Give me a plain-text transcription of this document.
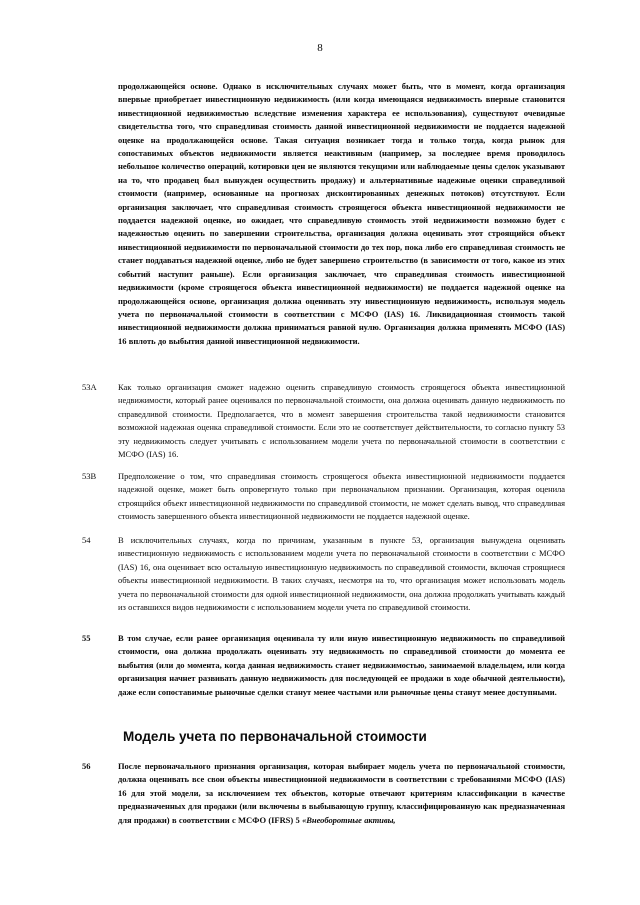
8

продолжающейся основе. Однако в исключительных случаях может быть, что в момент, когда организация впервые приобретает инвестиционную недвижимость (или когда имеющаяся недвижимость впервые становится инвестиционной недвижимостью вследствие изменения характера ее использования), существуют очевидные свидетельства того, что справедливая стоимость данной инвестиционной недвижимости не поддается надежной оценке на продолжающейся основе. Такая ситуация возникает тогда и только тогда, когда рынок для сопоставимых объектов недвижимости является неактивным (например, за последнее время проводилось небольшое количество операций, котировки цен не являются текущими или наблюдаемые цены сделок указывают на то, что продавец был вынужден осуществить продажу) и альтернативные надежные оценки справедливой стоимости (например, основанные на прогнозах дисконтированных денежных потоков) отсутствуют. Если организация заключает, что справедливая стоимость строящегося объекта инвестиционной недвижимости не поддается надежной оценке, но ожидает, что справедливую стоимость этой недвижимости возможно будет с надежностью оценить по завершении строительства, организация должна оценивать этот строящийся объект инвестиционной недвижимости по первоначальной стоимости до тех пор, пока либо его справедливая стоимость не станет поддаваться надежной оценке, либо не будет завершено строительство (в зависимости от того, какое из этих событий наступит раньше). Если организация заключает, что справедливая стоимость инвестиционной недвижимости (кроме строящегося объекта инвестиционной недвижимости) не поддается надежной оценке на продолжающейся основе, организация должна оценивать эту инвестиционную недвижимость, используя модель учета по первоначальной стоимости в соответствии с МСФО (IAS) 16. Ликвидационная стоимость такой инвестиционной недвижимости должна приниматься равной нулю. Организация должна применять МСФО (IAS) 16 вплоть до выбытия данной инвестиционной недвижимости.

53A	Как только организация сможет надежно оценить справедливую стоимость строящегося объекта инвестиционной недвижимости, который ранее оценивался по первоначальной стоимости, она должна оценивать данную недвижимость по справедливой стоимости. Предполагается, что в момент завершения строительства такой недвижимости становится возможной надежная оценка справедливой стоимости. Если это не соответствует действительности, то согласно пункту 53 эту недвижимость следует учитывать с использованием модели учета по первоначальной стоимости в соответствии с МСФО (IAS) 16.

53B	Предположение о том, что справедливая стоимость строящегося объекта инвестиционной недвижимости поддается надежной оценке, может быть опровергнуто только при первоначальном признании. Организация, которая оценила строящийся объект инвестиционной недвижимости по справедливой стоимости, не может сделать вывод, что справедливая стоимость завершенного объекта инвестиционной недвижимости не поддается надежной оценке.

54	В исключительных случаях, когда по причинам, указанным в пункте 53, организация вынуждена оценивать инвестиционную недвижимость с использованием модели учета по первоначальной стоимости в соответствии с МСФО (IAS) 16, она оценивает всю остальную инвестиционную недвижимость по справедливой стоимости, включая строящиеся объекты инвестиционной недвижимости. В таких случаях, несмотря на то, что организация может использовать модель учета по первоначальной стоимости для одной инвестиционной недвижимости, она должна продолжать учитывать каждый из оставшихся видов недвижимости с использованием модели учета по справедливой стоимости.

55	В том случае, если ранее организация оценивала ту или иную инвестиционную недвижимость по справедливой стоимости, она должна продолжать оценивать эту недвижимость по справедливой стоимости до момента ее выбытия (или до момента, когда данная недвижимость станет недвижимостью, занимаемой владельцем, или когда организация начнет развивать данную недвижимость для последующей ее продажи в ходе обычной деятельности), даже если сопоставимые рыночные сделки станут менее частыми или рыночные цены станут менее доступными.

Модель учета по первоначальной стоимости
56	После первоначального признания организация, которая выбирает модель учета по первоначальной стоимости, должна оценивать все свои объекты инвестиционной недвижимости в соответствии с требованиями МСФО (IAS) 16 для этой модели, за исключением тех объектов, которые отвечают критериям классификации в качестве предназначенных для продажи (или включены в выбывающую группу, классифицированную как предназначенная для продажи) в соответствии с МСФО (IFRS) 5 «Внеоборотные активы,
